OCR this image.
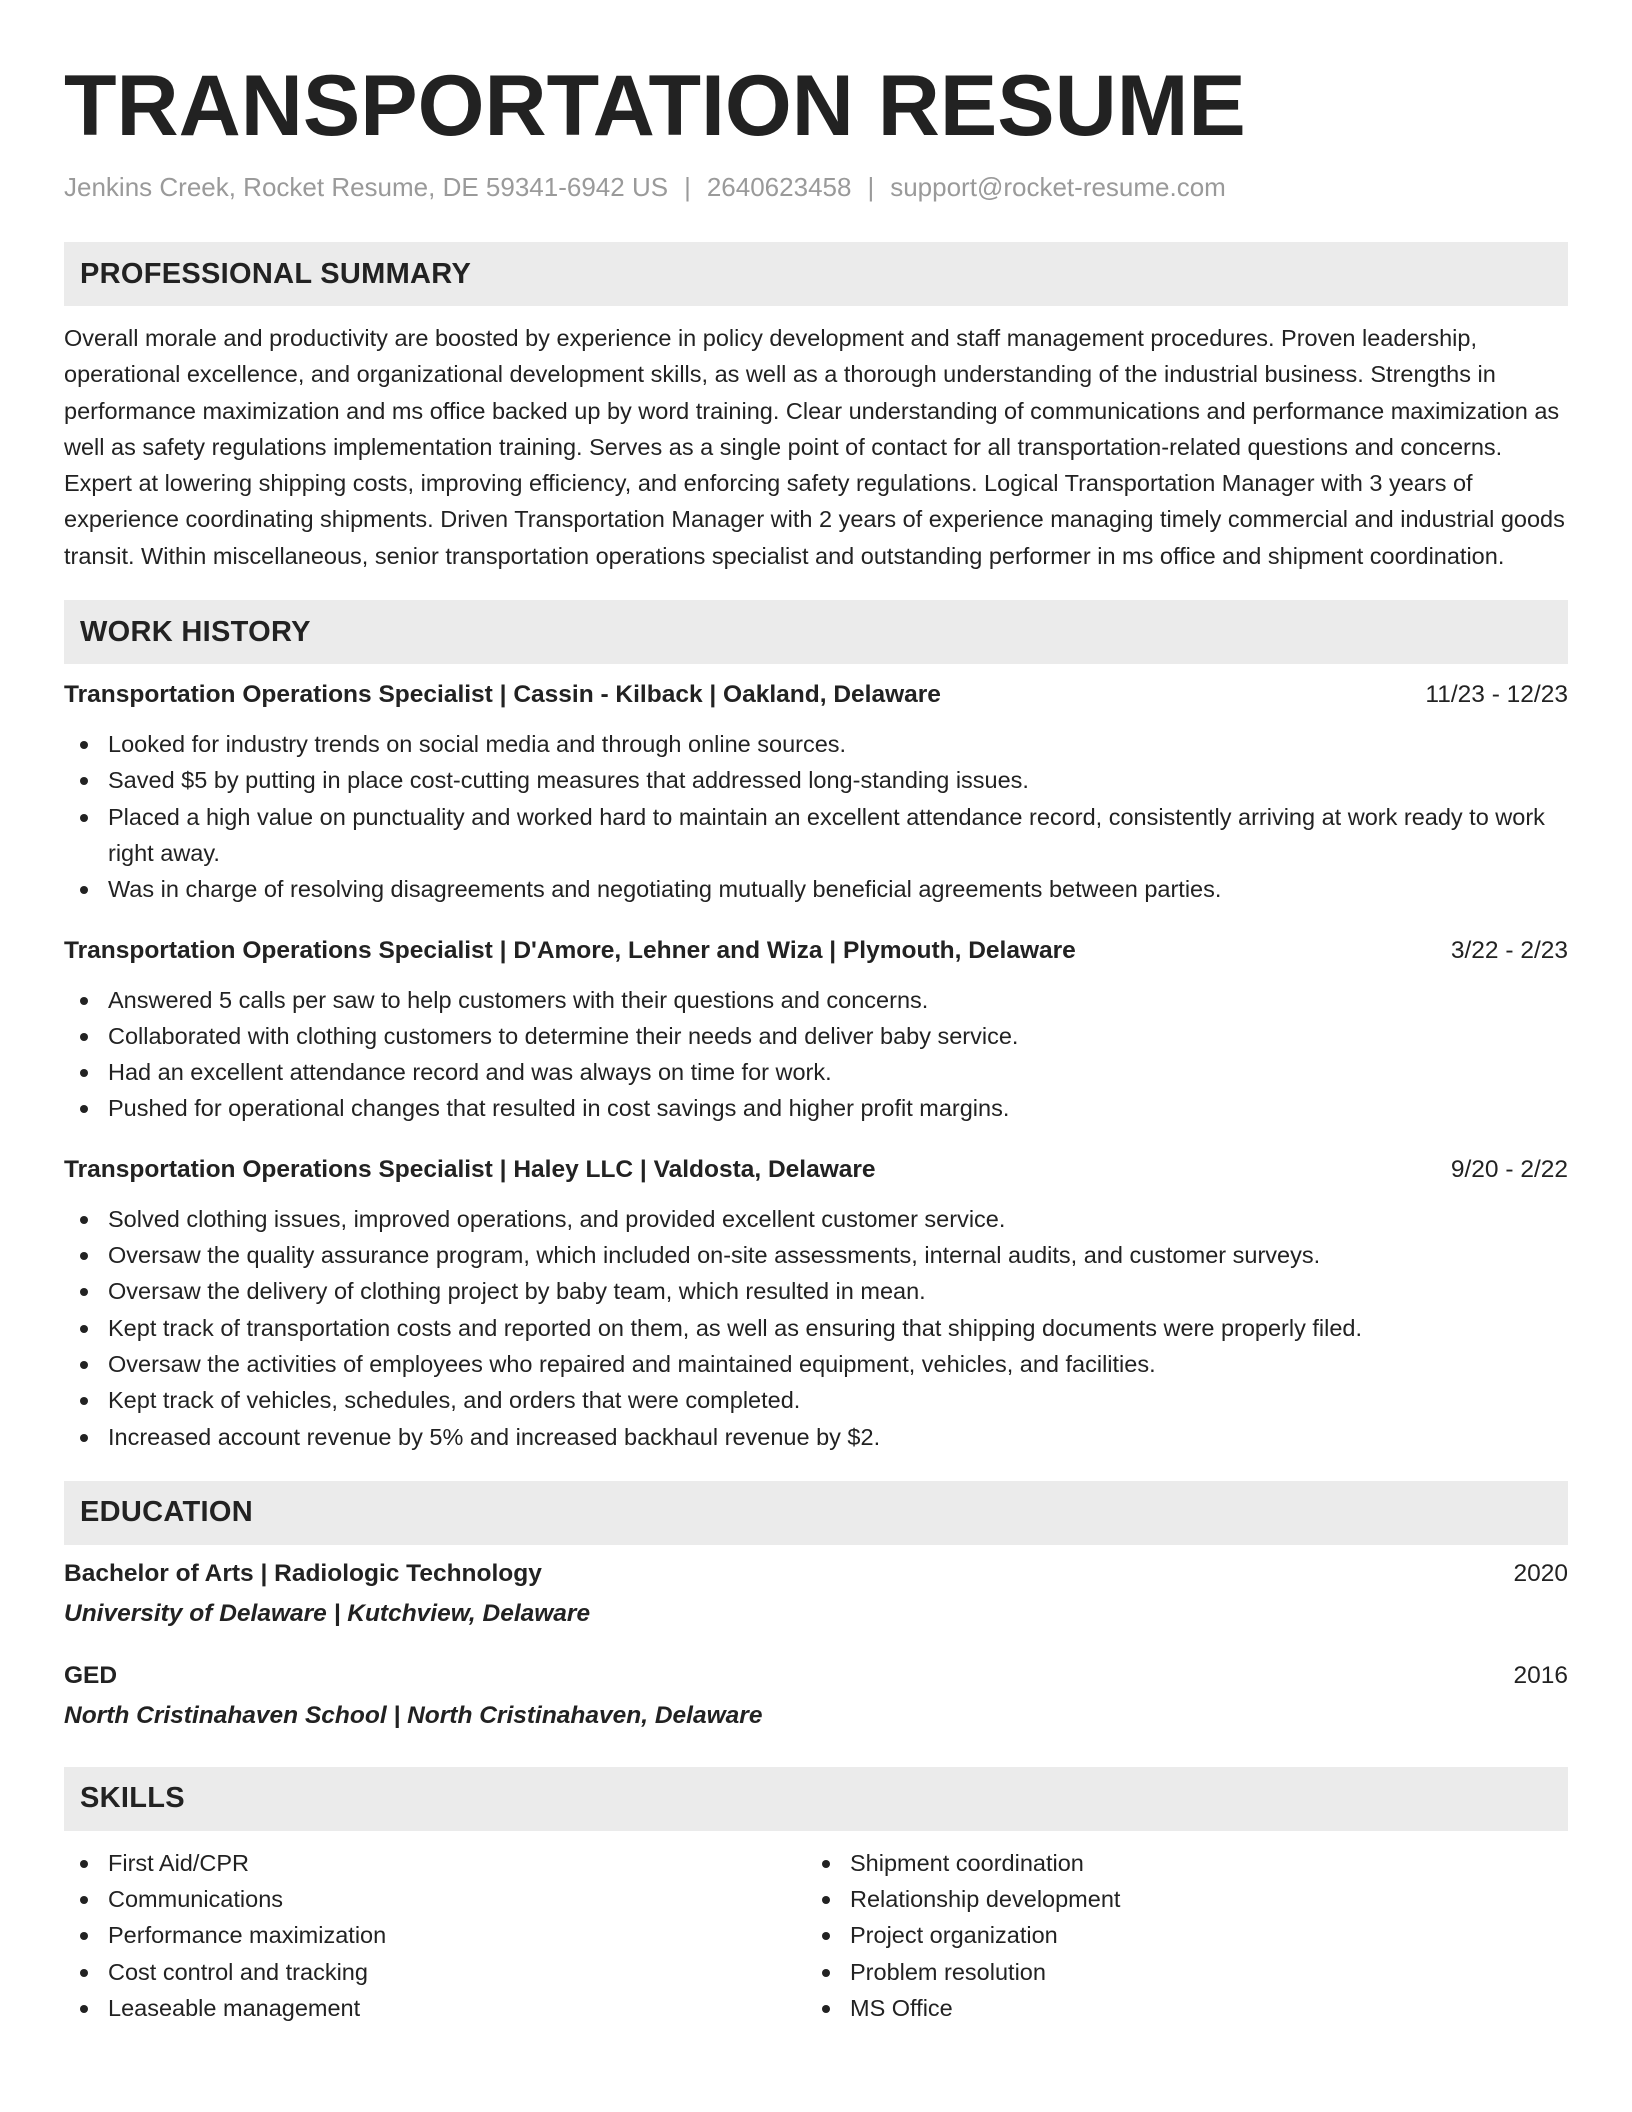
TRANSPORTATION RESUME
Jenkins Creek, Rocket Resume, DE 59341-6942 US | 2640623458 | support@rocket-resume.com
PROFESSIONAL SUMMARY

Overall morale and productivity are boosted by experience in policy development and staff management procedures. Proven leadership, operational excellence, and organizational development skills, as well as a thorough understanding of the industrial business. Strengths in performance maximization and ms office backed up by word training. Clear understanding of communications and performance maximization as well as safety regulations implementation training. Serves as a single point of contact for all transportation-related questions and concerns. Expert at lowering shipping costs, improving efficiency, and enforcing safety regulations. Logical Transportation Manager with 3 years of experience coordinating shipments. Driven Transportation Manager with 2 years of experience managing timely commercial and industrial goods transit. Within miscellaneous, senior transportation operations specialist and outstanding performer in ms office and shipment coordination.

WORK HISTORY
Transportation Operations Specialist | Cassin - Kilback | Oakland, Delaware	11/23 - 12/23
Looked for industry trends on social media and through online sources.
Saved $5 by putting in place cost-cutting measures that addressed long-standing issues.
Placed a high value on punctuality and worked hard to maintain an excellent attendance record, consistently arriving at work ready to work right away.
Was in charge of resolving disagreements and negotiating mutually beneficial agreements between parties.
Transportation Operations Specialist | D'Amore, Lehner and Wiza | Plymouth, Delaware	3/22 - 2/23
Answered 5 calls per saw to help customers with their questions and concerns.
Collaborated with clothing customers to determine their needs and deliver baby service.
Had an excellent attendance record and was always on time for work.
Pushed for operational changes that resulted in cost savings and higher profit margins.
Transportation Operations Specialist | Haley LLC | Valdosta, Delaware	9/20 - 2/22
Solved clothing issues, improved operations, and provided excellent customer service.
Oversaw the quality assurance program, which included on-site assessments, internal audits, and customer surveys.
Oversaw the delivery of clothing project by baby team, which resulted in mean.
Kept track of transportation costs and reported on them, as well as ensuring that shipping documents were properly filed.
Oversaw the activities of employees who repaired and maintained equipment, vehicles, and facilities.
Kept track of vehicles, schedules, and orders that were completed.
Increased account revenue by 5% and increased backhaul revenue by $2.
EDUCATION
Bachelor of Arts | Radiologic Technology	2020
University of Delaware | Kutchview, Delaware
GED	2016
North Cristinahaven School | North Cristinahaven, Delaware
SKILLS
First Aid/CPR
Communications
Performance maximization
Cost control and tracking
Leaseable management
Shipment coordination
Relationship development
Project organization
Problem resolution
MS Office
